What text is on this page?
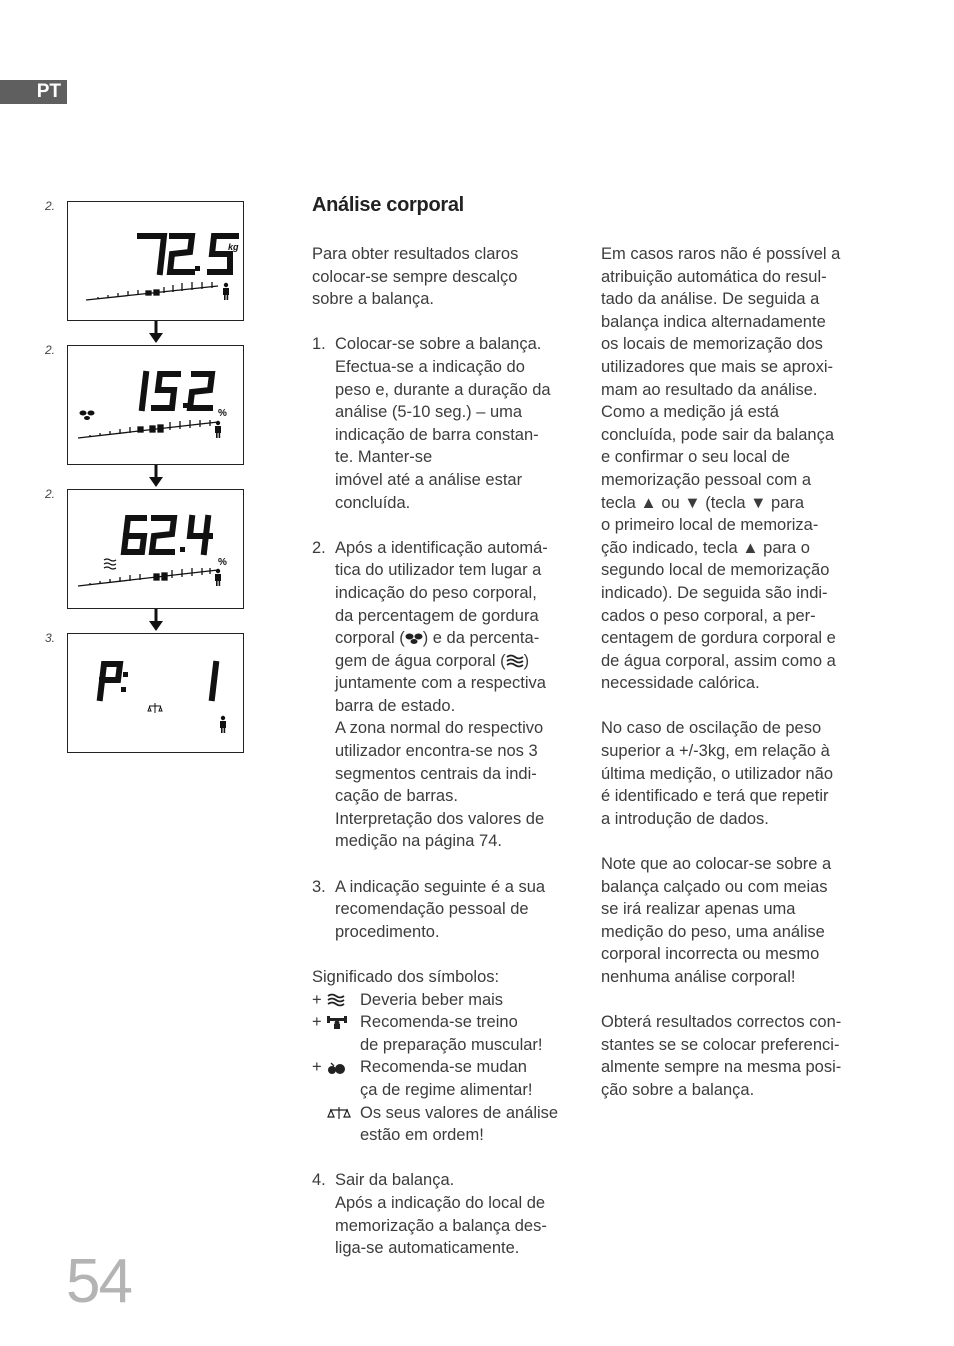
PT
2.
kg
2.
%
2.
%
3.
Análise corporal

Para obter resultados claros

colocar-se sempre descalço

sobre a balança.

1. Colocar-se sobre a balança.

Efectua-se a indicação do

peso e, durante a duração da

análise (5-10 seg.) – uma

indicação de barra constan-

te. Manter-se

imóvel até a análise estar

concluída.

2. Após a identificação automá-

tica do utilizador tem lugar a

indicação do peso corporal,

da percentagem de gordura

corporal ( ) e da percenta-

gem de água corporal ( )

juntamente com a respectiva

barra de estado.

A zona normal do respectivo

utilizador encontra-se nos 3

segmentos centrais da indi-

cação de barras.

Interpretação dos valores de

medição na página 74.

3. A indicação seguinte é a sua

recomendação pessoal de

procedimento.

Significado dos símbolos:

+	Deveria beber mais

+	Recomenda-se treino

de preparação muscular!

+	Recomenda-se mudan

ça de regime alimentar!

Os seus valores de análise

estão em ordem!

4. Sair da balança.

Após a indicação do local de

memorização a balança des-

liga-se automaticamente.

Em casos raros não é possível a

atribuição automática do resul-

tado da análise. De seguida a

balança indica alternadamente

os locais de memorização dos

utilizadores que mais se aproxi-

mam ao resultado da análise.

Como a medição já está

concluída, pode sair da balança

e confirmar o seu local de

memorização pessoal com a

tecla ▲ ou ▼ (tecla ▼ para

o primeiro local de memoriza-

ção indicado, tecla ▲ para o

segundo local de memorização

indicado). De seguida são indi-

cados o peso corporal, a per-

centagem de gordura corporal e

de água corporal, assim como a

necessidade calórica.

No caso de oscilação de peso

superior a +/-3kg, em relação à

última medição, o utilizador não

é identificado e terá que repetir

a introdução de dados.

Note que ao colocar-se sobre a

balança calçado ou com meias

se irá realizar apenas uma

medição do peso, uma análise

corporal incorrecta ou mesmo

nenhuma análise corporal!

Obterá resultados correctos con-

stantes se se colocar preferenci-

almente sempre na mesma posi-

ção sobre a balança.

54
